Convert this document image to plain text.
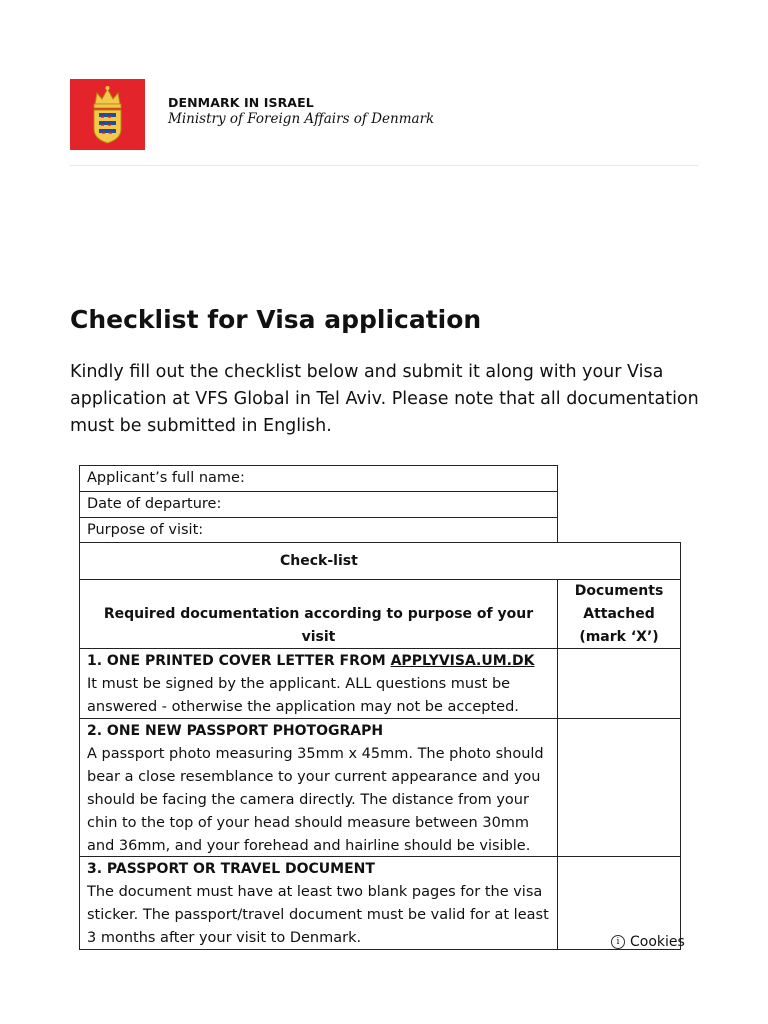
DENMARK IN ISRAEL
Ministry of Foreign Affairs of Denmark
Checklist for Visa application

Kindly fill out the checklist below and submit it along with your Visa application at VFS Global in Tel Aviv. Please note that all documentation must be submitted in English.

Applicant’s full name:
Date of departure:
Purpose of visit:
Check-list
Required documentation according to purpose of your visit
Documents
Attached
(mark ‘X’)
1. ONE PRINTED COVER LETTER FROM APPLYVISA.UM.DK
It must be signed by the applicant. ALL questions must be
answered - otherwise the application may not be accepted.
2. ONE NEW PASSPORT PHOTOGRAPH
A passport photo measuring 35mm x 45mm. The photo should
bear a close resemblance to your current appearance and you
should be facing the camera directly. The distance from your
chin to the top of your head should measure between 30mm
and 36mm, and your forehead and hairline should be visible.
3. PASSPORT OR TRAVEL DOCUMENT
The document must have at least two blank pages for the visa
sticker. The passport/travel document must be valid for at least
3 months after your visit to Denmark.	i Cookies
